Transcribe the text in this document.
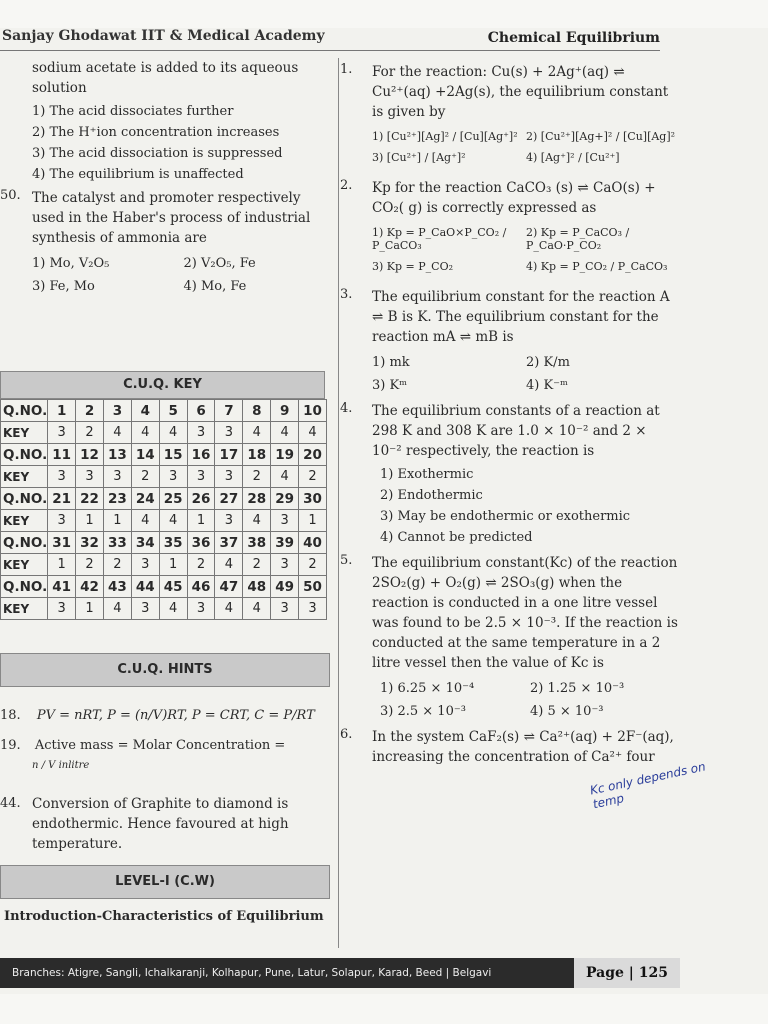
Sanjay Ghodawat IIT & Medical Academy	Chemical Equilibrium
sodium acetate is added to its aqueous solution
1) The acid dissociates further
2) The H⁺ion concentration increases
3) The acid dissociation is suppressed
4) The equilibrium is unaffected
50. The catalyst and promoter respectively used in the Haber's process of industrial synthesis of ammonia are
1) Mo, V₂O₅	2) V₂O₅, Fe
3) Fe, Mo	4) Mo, Fe
C.U.Q. KEY
Q.NO.	1	2	3	4	5	6	7	8	9	10
KEY	3	2	4	4	4	3	3	4	4	4
Q.NO.	11	12	13	14	15	16	17	18	19	20
KEY	3	3	3	2	3	3	3	2	4	2
Q.NO.	21	22	23	24	25	26	27	28	29	30
KEY	3	1	1	4	4	1	3	4	3	1
Q.NO.	31	32	33	34	35	36	37	38	39	40
KEY	1	2	2	3	1	2	4	2	3	2
Q.NO.	41	42	43	44	45	46	47	48	49	50
KEY	3	1	4	3	4	3	4	4	3	3
C.U.Q. HINTS
18. PV = nRT, P = (n/V)RT, P = CRT, C = P/RT
19. Active mass = Molar Concentration =
n / V inlitre
44. Conversion of Graphite to diamond is endothermic. Hence favoured at high temperature.
LEVEL-I (C.W)
Introduction-Characteristics of Equilibrium
1. For the reaction: Cu(s) + 2Ag⁺(aq) ⇌ Cu²⁺(aq) +2Ag(s), the equilibrium constant is given by
1) [Cu²⁺][Ag]² / [Cu][Ag⁺]² 2) [Cu²⁺][Ag+]² / [Cu][Ag]²
3) [Cu²⁺] / [Ag⁺]²	4) [Ag⁺]² / [Cu²⁺]
2. Kp for the reaction CaCO₃ (s) ⇌ CaO(s) + CO₂( g) is correctly expressed as
1) Kp = P_CaO×P_CO₂ / P_CaCO₃
2) Kp = P_CaCO₃ / P_CaO·P_CO₂
3) Kp = P_CO₂	4) Kp = P_CO₂ / P_CaCO₃
3. The equilibrium constant for the reaction A ⇌ B is K. The equilibrium constant for the reaction mA ⇌ mB is
1) mk	2) K/m
3) Kᵐ	4) K⁻ᵐ
4. The equilibrium constants of a reaction at 298 K and 308 K are 1.0 × 10⁻² and 2 × 10⁻² respectively, the reaction is
1) Exothermic
2) Endothermic
3) May be endothermic or exothermic
4) Cannot be predicted
5. The equilibrium constant(Kc) of the reaction 2SO₂(g) + O₂(g) ⇌ 2SO₃(g) when the reaction is conducted in a one litre vessel was found to be 2.5 × 10⁻³. If the reaction is conducted at the same temperature in a 2 litre vessel then the value of Kc is
1) 6.25 × 10⁻⁴	2) 1.25 × 10⁻³
3) 2.5 × 10⁻³	4) 5 × 10⁻³
6. In the system CaF₂(s) ⇌ Ca²⁺(aq) + 2F⁻(aq), increasing the concentration of Ca²⁺ four
Kc only depends on temp
Branches: Atigre, Sangli, Ichalkaranji, Kolhapur, Pune, Latur, Solapur, Karad, Beed | Belgavi	Page | 125
